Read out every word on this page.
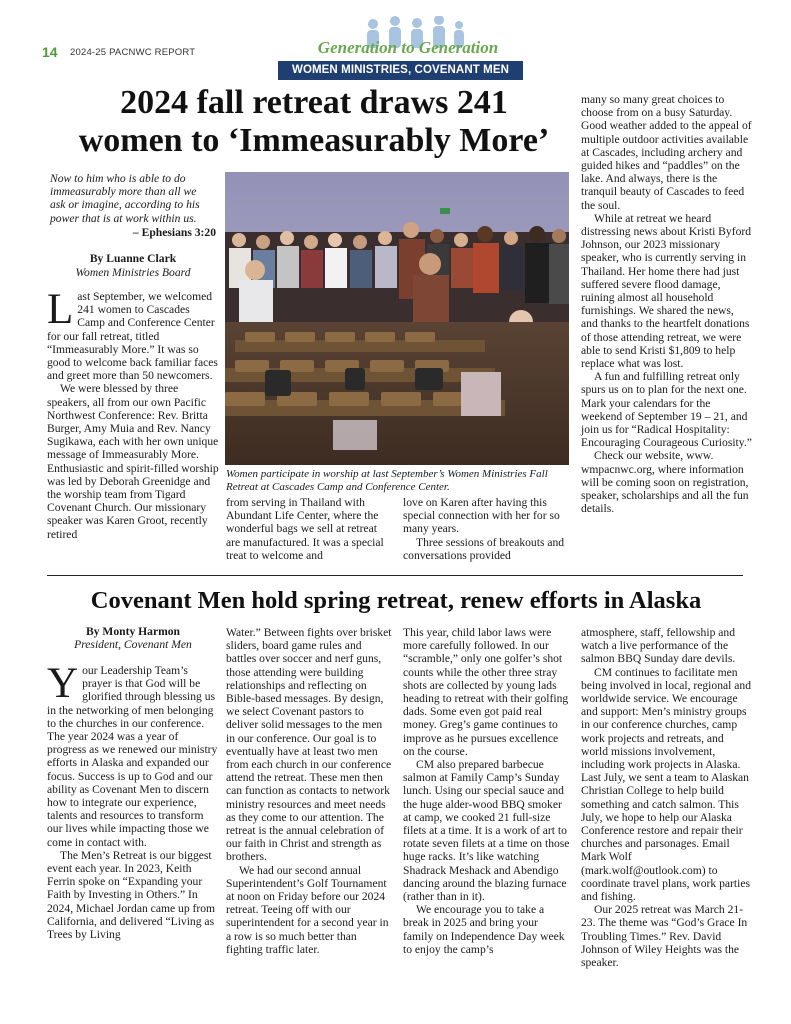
14 2024-25 PACNWC REPORT	Generation to Generation
WOMEN MINISTRIES, COVENANT MEN
2024 fall retreat draws 241
women to ‘Immeasurably More’
Now to him who is able to do
immeasurably more than all we
ask or imagine, according to his
power that is at work within us.
– Ephesians 3:20
By Luanne Clark
Women Ministries Board

Last September, we welcomed 241 women to Cascades Camp and Conference Center for our fall retreat, titled “Immeasurably More.” It was so good to welcome back familiar faces and greet more than 50 newcomers.

We were blessed by three speakers, all from our own Pacific Northwest Conference: Rev. Britta Burger, Amy Muia and Rev. Nancy Sugikawa, each with her own unique message of Immeasurably More. Enthusiastic and spirit-filled worship was led by Deborah Greenidge and the worship team from Tigard Covenant Church. Our missionary speaker was Karen Groot, recently retired

Women participate in worship at last September’s Women Ministries Fall Retreat at Cascades Camp and Conference Center.

from serving in Thailand with Abundant Life Center, where the wonderful bags we sell at retreat are manufactured. It was a special treat to welcome and

love on Karen after having this special connection with her for so many years.

Three sessions of breakouts and conversations provided

many so many great choices to choose from on a busy Saturday. Good weather added to the appeal of multiple outdoor activities available at Cascades, including archery and guided hikes and “paddles” on the lake. And always, there is the tranquil beauty of Cascades to feed the soul.

While at retreat we heard distressing news about Kristi Byford Johnson, our 2023 missionary speaker, who is currently serving in Thailand. Her home there had just suffered severe flood damage, ruining almost all household furnishings. We shared the news, and thanks to the heartfelt donations of those attending retreat, we were able to send Kristi $1,809 to help replace what was lost.

A fun and fulfilling retreat only spurs us on to plan for the next one. Mark your calendars for the weekend of September 19 – 21, and join us for “Radical Hospitality: Encouraging Courageous Curiosity.”

Check our website, www. wmpacnwc.org, where information will be coming soon on registration, speaker, scholarships and all the fun details.

Covenant Men hold spring retreat, renew efforts in Alaska
By Monty Harmon
President, Covenant Men

Your Leadership Team’s prayer is that God will be glorified through blessing us in the networking of men belonging to the churches in our conference. The year 2024 was a year of progress as we renewed our ministry efforts in Alaska and expanded our focus. Success is up to God and our ability as Covenant Men to discern how to integrate our experience, talents and resources to transform our lives while impacting those we come in contact with.

The Men’s Retreat is our biggest event each year. In 2023, Keith Ferrin spoke on “Expanding your Faith by Investing in Others.” In 2024, Michael Jordan came up from California, and delivered “Living as Trees by Living

Water.” Between fights over brisket sliders, board game rules and battles over soccer and nerf guns, those attending were building relationships and reflecting on Bible-based messages. By design, we select Covenant pastors to deliver solid messages to the men in our conference. Our goal is to eventually have at least two men from each church in our conference attend the retreat. These men then can function as contacts to network ministry resources and meet needs as they come to our attention. The retreat is the annual celebration of our faith in Christ and strength as brothers.

We had our second annual Superintendent’s Golf Tournament at noon on Friday before our 2024 retreat. Teeing off with our superintendent for a second year in a row is so much better than fighting traffic later.

This year, child labor laws were more carefully followed. In our “scramble,” only one golfer’s shot counts while the other three stray shots are collected by young lads heading to retreat with their golfing dads. Some even got paid real money. Greg’s game continues to improve as he pursues excellence on the course.

CM also prepared barbecue salmon at Family Camp’s Sunday lunch. Using our special sauce and the huge alder-wood BBQ smoker at camp, we cooked 21 full-size filets at a time. It is a work of art to rotate seven filets at a time on those huge racks. It’s like watching Shadrack Meshack and Abendigo dancing around the blazing furnace (rather than in it).

We encourage you to take a break in 2025 and bring your family on Independence Day week to enjoy the camp’s

atmosphere, staff, fellowship and watch a live performance of the salmon BBQ Sunday dare devils.

CM continues to facilitate men being involved in local, regional and worldwide service. We encourage and support: Men’s ministry groups in our conference churches, camp work projects and retreats, and world missions involvement, including work projects in Alaska. Last July, we sent a team to Alaskan Christian College to help build something and catch salmon. This July, we hope to help our Alaska Conference restore and repair their churches and parsonages. Email Mark Wolf (mark.wolf@outlook.com) to coordinate travel plans, work parties and fishing.

Our 2025 retreat was March 21-23. The theme was “God’s Grace In Troubling Times.” Rev. David Johnson of Wiley Heights was the speaker.
